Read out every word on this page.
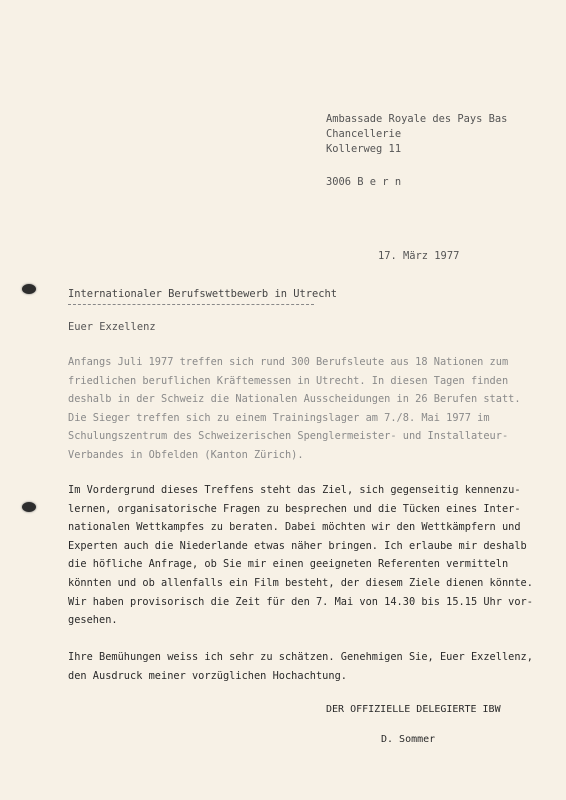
Ambassade Royale des Pays Bas
Chancellerie
Kollerweg 11
3006 B e r n
17. März 1977
Internationaler Berufswettbewerb in Utrecht
Euer Exzellenz

Anfangs Juli 1977 treffen sich rund 300 Berufsleute aus 18 Nationen zum
friedlichen beruflichen Kräftemessen in Utrecht. In diesen Tagen finden
deshalb in der Schweiz die Nationalen Ausscheidungen in 26 Berufen statt.
Die Sieger treffen sich zu einem Trainingslager am 7./8. Mai 1977 im
Schulungszentrum des Schweizerischen Spenglermeister- und Installateur-
Verbandes in Obfelden (Kanton Zürich).

Im Vordergrund dieses Treffens steht das Ziel, sich gegenseitig kennenzu-
lernen, organisatorische Fragen zu besprechen und die Tücken eines Inter-
nationalen Wettkampfes zu beraten. Dabei möchten wir den Wettkämpfern und
Experten auch die Niederlande etwas näher bringen. Ich erlaube mir deshalb
die höfliche Anfrage, ob Sie mir einen geeigneten Referenten vermitteln
könnten und ob allenfalls ein Film besteht, der diesem Ziele dienen könnte.
Wir haben provisorisch die Zeit für den 7. Mai von 14.30 bis 15.15 Uhr vor-
gesehen.

Ihre Bemühungen weiss ich sehr zu schätzen. Genehmigen Sie, Euer Exzellenz,
den Ausdruck meiner vorzüglichen Hochachtung.

DER OFFIZIELLE DELEGIERTE IBW
D. Sommer
